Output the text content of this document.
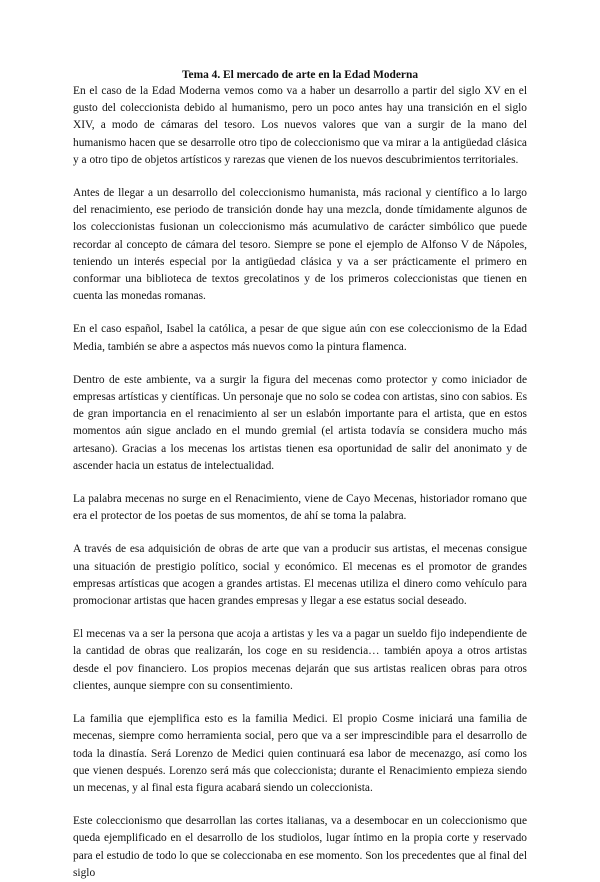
Tema 4. El mercado de arte en la Edad Moderna

En el caso de la Edad Moderna vemos como va a haber un desarrollo a partir del siglo XV en el gusto del coleccionista debido al humanismo, pero un poco antes hay una transición en el siglo XIV, a modo de cámaras del tesoro. Los nuevos valores que van a surgir de la mano del humanismo hacen que se desarrolle otro tipo de coleccionismo que va mirar a la antigüedad clásica y a otro tipo de objetos artísticos y rarezas que vienen de los nuevos descubrimientos territoriales.

Antes de llegar a un desarrollo del coleccionismo humanista, más racional y científico a lo largo del renacimiento, ese periodo de transición donde hay una mezcla, donde tímidamente algunos de los coleccionistas fusionan un coleccionismo más acumulativo de carácter simbólico que puede recordar al concepto de cámara del tesoro. Siempre se pone el ejemplo de Alfonso V de Nápoles, teniendo un interés especial por la antigüedad clásica y va a ser prácticamente el primero en conformar una biblioteca de textos grecolatinos y de los primeros coleccionistas que tienen en cuenta las monedas romanas.

En el caso español, Isabel la católica, a pesar de que sigue aún con ese coleccionismo de la Edad Media, también se abre a aspectos más nuevos como la pintura flamenca.

Dentro de este ambiente, va a surgir la figura del mecenas como protector y como iniciador de empresas artísticas y científicas. Un personaje que no solo se codea con artistas, sino con sabios. Es de gran importancia en el renacimiento al ser un eslabón importante para el artista, que en estos momentos aún sigue anclado en el mundo gremial (el artista todavía se considera mucho más artesano). Gracias a los mecenas los artistas tienen esa oportunidad de salir del anonimato y de ascender hacia un estatus de intelectualidad.

La palabra mecenas no surge en el Renacimiento, viene de Cayo Mecenas, historiador romano que era el protector de los poetas de sus momentos, de ahí se toma la palabra.

A través de esa adquisición de obras de arte que van a producir sus artistas, el mecenas consigue una situación de prestigio político, social y económico. El mecenas es el promotor de grandes empresas artísticas que acogen a grandes artistas. El mecenas utiliza el dinero como vehículo para promocionar artistas que hacen grandes empresas y llegar a ese estatus social deseado.

El mecenas va a ser la persona que acoja a artistas y les va a pagar un sueldo fijo independiente de la cantidad de obras que realizarán, los coge en su residencia… también apoya a otros artistas desde el pov financiero. Los propios mecenas dejarán que sus artistas realicen obras para otros clientes, aunque siempre con su consentimiento.

La familia que ejemplifica esto es la familia Medici. El propio Cosme iniciará una familia de mecenas, siempre como herramienta social, pero que va a ser imprescindible para el desarrollo de toda la dinastía. Será Lorenzo de Medici quien continuará esa labor de mecenazgo, así como los que vienen después. Lorenzo será más que coleccionista; durante el Renacimiento empieza siendo un mecenas, y al final esta figura acabará siendo un coleccionista.

Este coleccionismo que desarrollan las cortes italianas, va a desembocar en un coleccionismo que queda ejemplificado en el desarrollo de los studiolos, lugar íntimo en la propia corte y reservado para el estudio de todo lo que se coleccionaba en ese momento. Son los precedentes que al final del siglo
